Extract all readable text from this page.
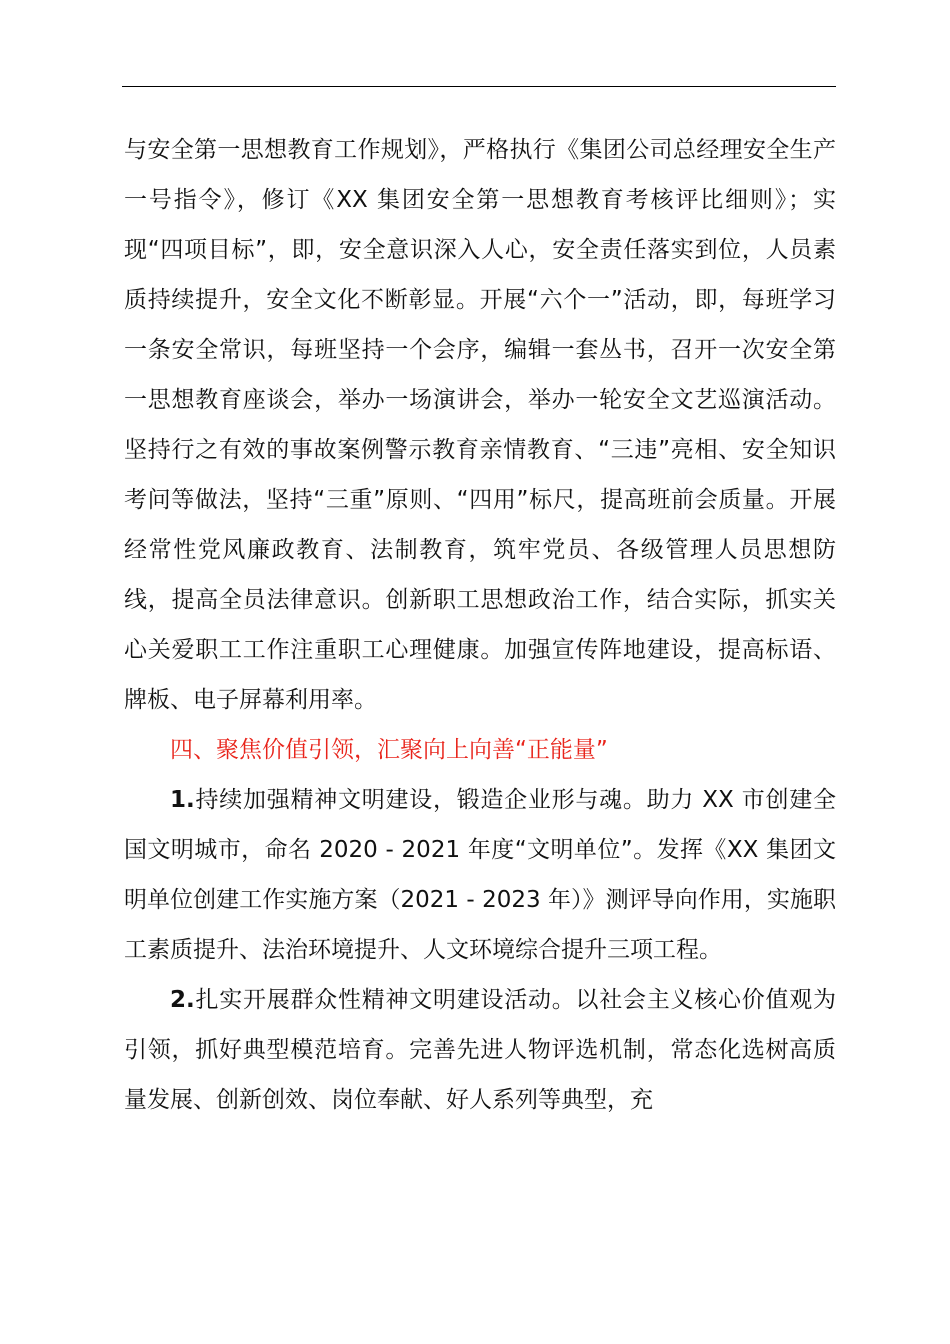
与安全第一思想教育工作规划》，严格执行《集团公司总经理安全生产一号指令》，修订《XX 集团安全第一思想教育考核评比细则》；实现“四项目标”，即，安全意识深入人心，安全责任落实到位，人员素质持续提升，安全文化不断彰显。开展“六个一”活动，即，每班学习一条安全常识，每班坚持一个会序，编辑一套丛书，召开一次安全第一思想教育座谈会，举办一场演讲会，举办一轮安全文艺巡演活动。坚持行之有效的事故案例警示教育亲情教育、“三违”亮相、安全知识考问等做法，坚持“三重”原则、“四用”标尺，提高班前会质量。开展经常性党风廉政教育、法制教育，筑牢党员、各级管理人员思想防线，提高全员法律意识。创新职工思想政治工作，结合实际，抓实关心关爱职工工作注重职工心理健康。加强宣传阵地建设，提高标语、牌板、电子屏幕利用率。

四、聚焦价值引领，汇聚向上向善“正能量”

1.持续加强精神文明建设，锻造企业形与魂。助力 XX 市创建全国文明城市，命名 2020 - 2021 年度“文明单位”。发挥《XX 集团文明单位创建工作实施方案（2021 - 2023 年）》测评导向作用，实施职工素质提升、法治环境提升、人文环境综合提升三项工程。

2.扎实开展群众性精神文明建设活动。以社会主义核心价值观为引领，抓好典型模范培育。完善先进人物评选机制，常态化选树高质量发展、创新创效、岗位奉献、好人系列等典型，充
